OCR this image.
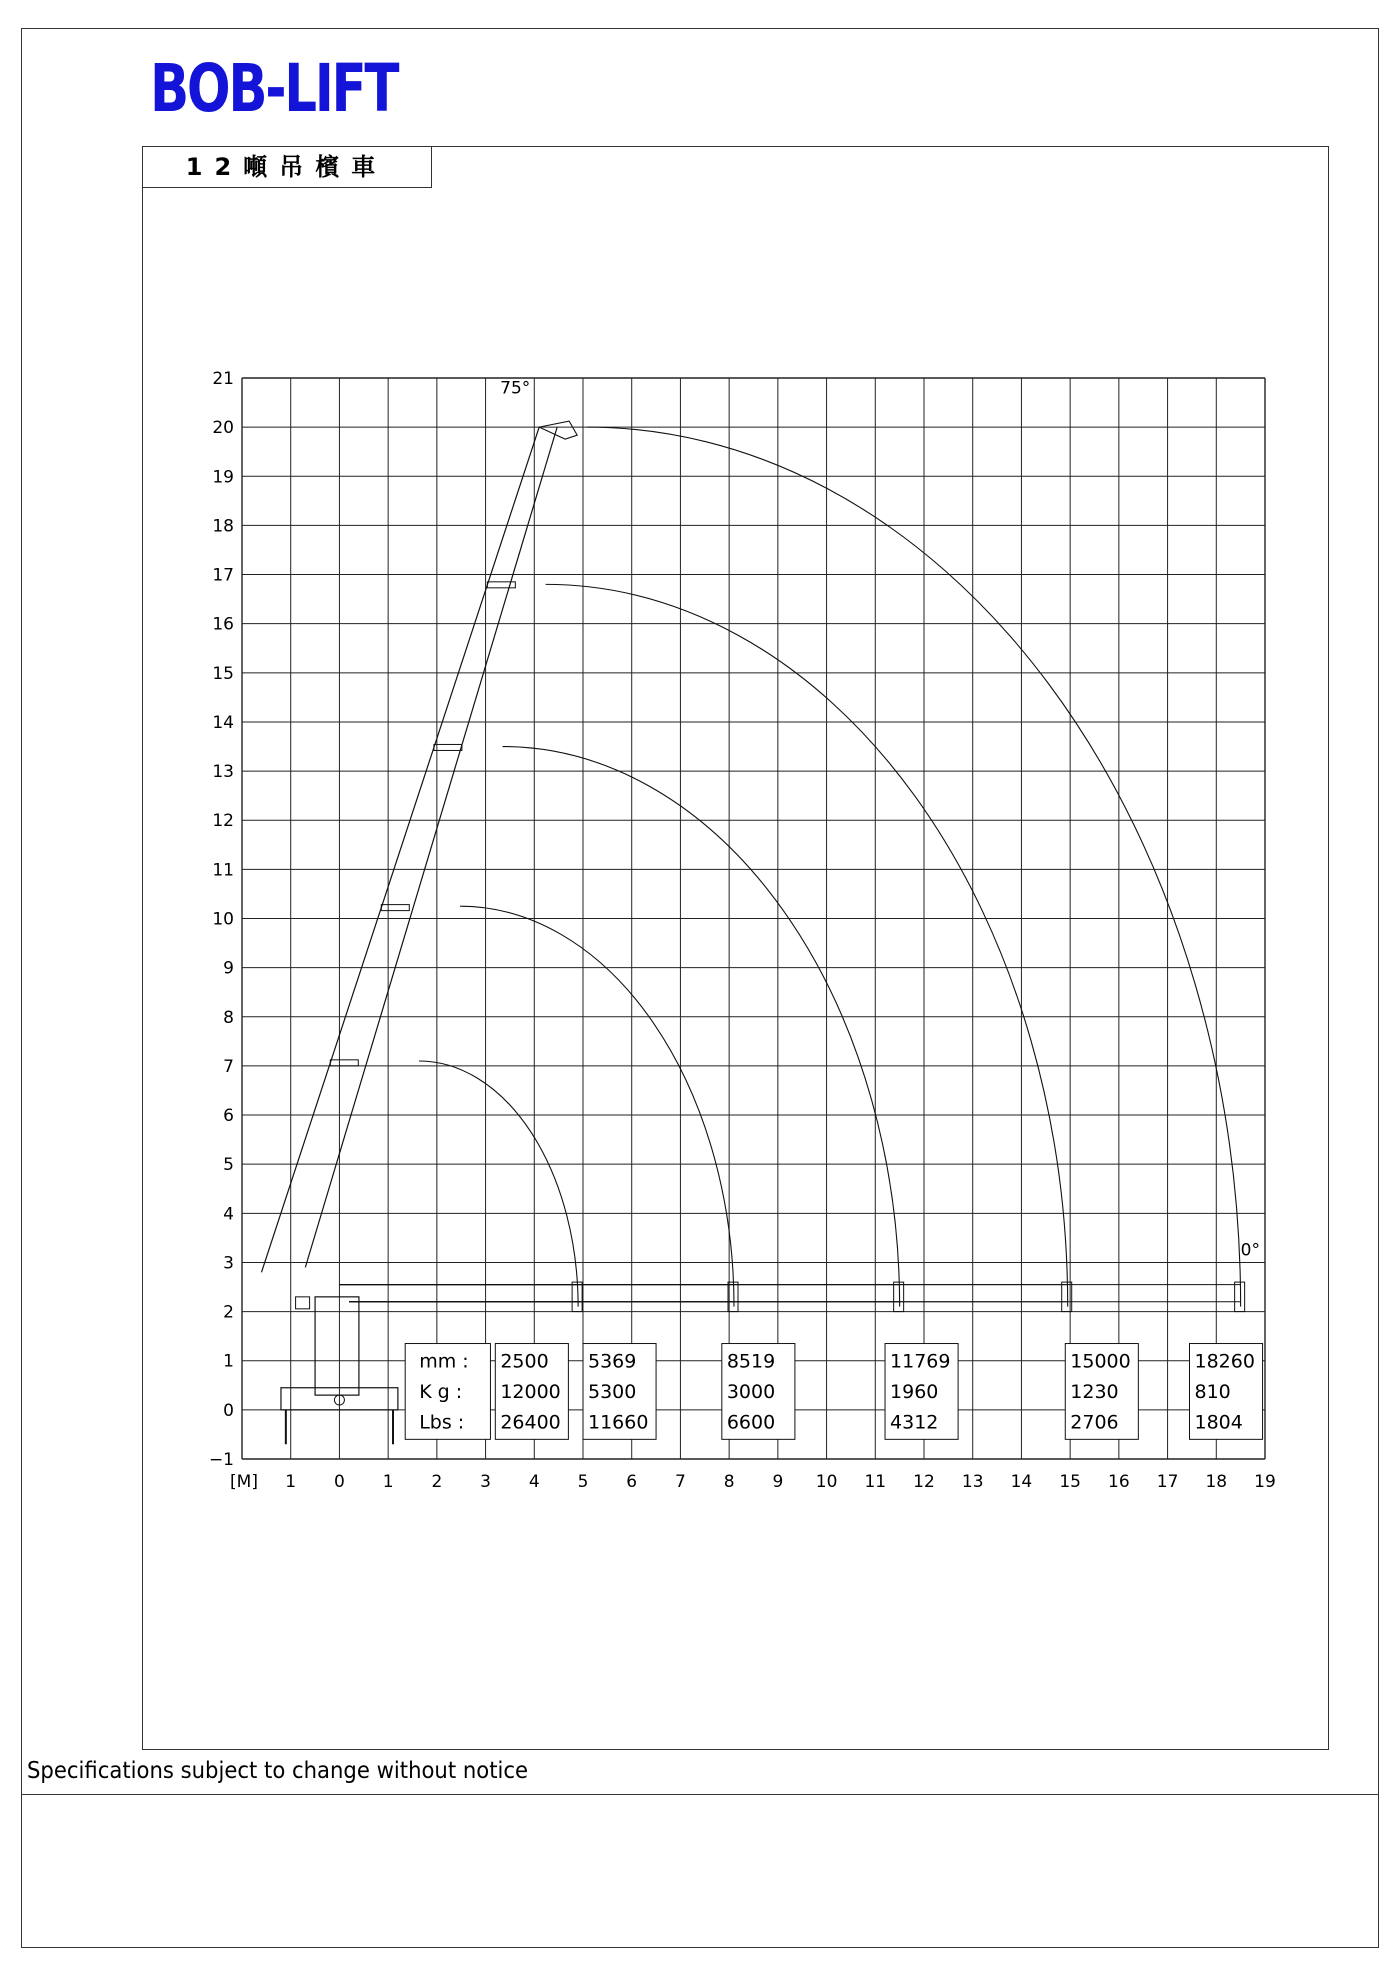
BOB-LIFT
12噸吊檳車
Specifications subject to change without notice
75°
0°
mm :
K g :
Lbs :
2500
12000
26400
5369
5300
11660
8519
3000
6600
11769
1960
4312
15000
1230
2706
18260
810
1804
−1
0
1
2
3
4
5
6
7
8
9
10
11
12
13
14
15
16
17
18
19
20
21
1 0 1 2 3 4 5 6 7 8 9 10 11 12 13 14 15 16 17 18 19
[M]
